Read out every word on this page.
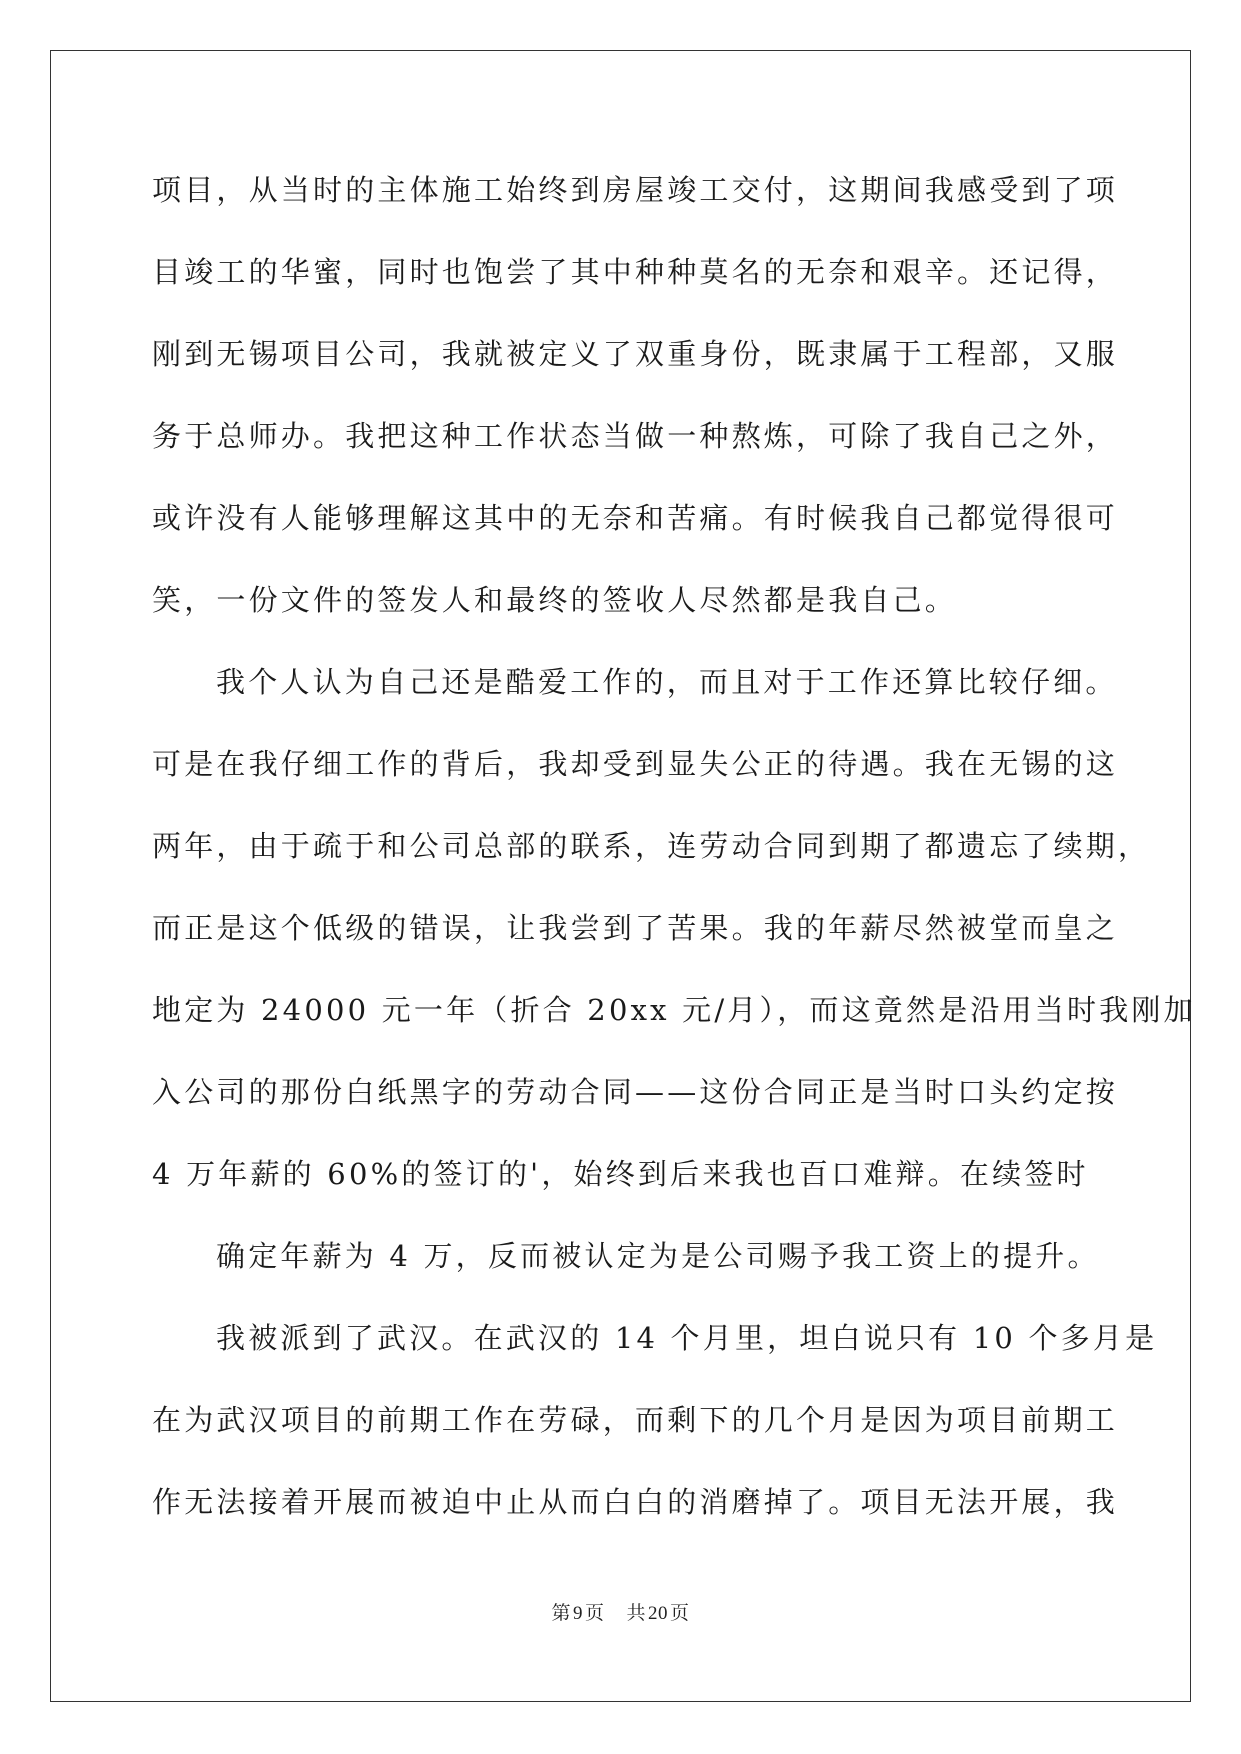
项目，从当时的主体施工始终到房屋竣工交付，这期间我感受到了项
目竣工的华蜜，同时也饱尝了其中种种莫名的无奈和艰辛。还记得，
刚到无锡项目公司，我就被定义了双重身份，既隶属于工程部，又服
务于总师办。我把这种工作状态当做一种熬炼，可除了我自己之外，
或许没有人能够理解这其中的无奈和苦痛。有时候我自己都觉得很可
笑，一份文件的签发人和最终的签收人尽然都是我自己。
我个人认为自己还是酷爱工作的，而且对于工作还算比较仔细。
可是在我仔细工作的背后，我却受到显失公正的待遇。我在无锡的这
两年，由于疏于和公司总部的联系，连劳动合同到期了都遗忘了续期，
而正是这个低级的错误，让我尝到了苦果。我的年薪尽然被堂而皇之
地定为 24000 元一年（折合 20xx 元/月），而这竟然是沿用当时我刚加
入公司的那份白纸黑字的劳动合同——这份合同正是当时口头约定按
4 万年薪的 60%的签订的'，始终到后来我也百口难辩。在续签时
确定年薪为 4 万，反而被认定为是公司赐予我工资上的提升。
我被派到了武汉。在武汉的 14 个月里，坦白说只有 10 个多月是
在为武汉项目的前期工作在劳碌，而剩下的几个月是因为项目前期工
作无法接着开展而被迫中止从而白白的消磨掉了。项目无法开展，我
第 9 页 共 20 页
